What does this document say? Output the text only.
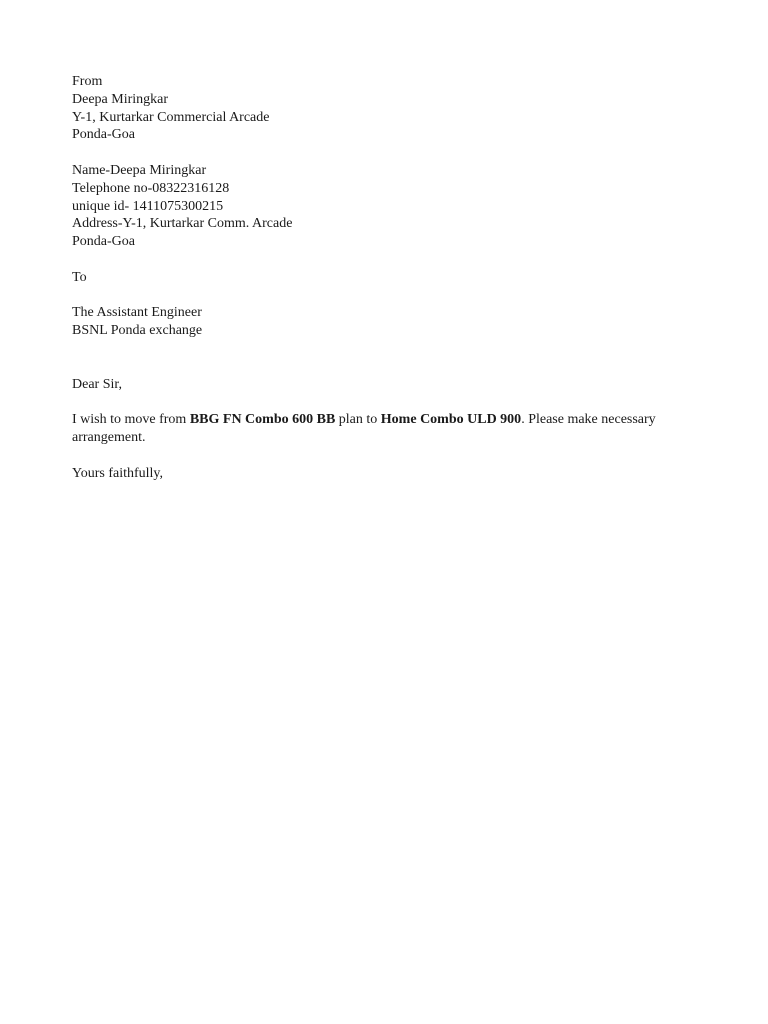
From
Deepa Miringkar
Y-1, Kurtarkar Commercial Arcade
Ponda-Goa
Name-Deepa Miringkar
Telephone no-08322316128
unique id- 1411075300215
Address-Y-1, Kurtarkar Comm. Arcade
Ponda-Goa
To
The Assistant Engineer
BSNL Ponda exchange
Dear Sir,
I wish to move from BBG FN Combo 600 BB plan to Home Combo ULD 900. Please make necessary arrangement.
Yours faithfully,
